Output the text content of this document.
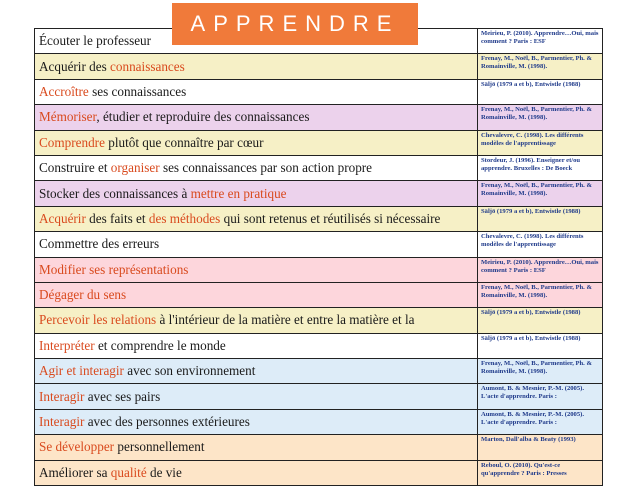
Écouter le professeur	Meirieu, P. (2010). Apprendre…Oui, mais comment ? Paris : ESF
Acquérir des connaissances	Frenay, M., Noël, B., Parmentier, Ph. & Romainville, M. (1998).
Accroître ses connaissances	Säljö (1979 a et b), Entwistle (1988)
Mémoriser, étudier et reproduire des connaissances	Frenay, M., Noël, B., Parmentier, Ph. & Romainville, M. (1998).
Comprendre plutôt que connaître par cœur	Chevalevre, C. (1998). Les différents modèles de l'apprentissage
Construire et organiser ses connaissances par son action propre	Stordeur, J. (1996). Enseigner et/ou apprendre. Bruxelles : De Boeck
Stocker des connaissances à mettre en pratique	Frenay, M., Noël, B., Parmentier, Ph. & Romainville, M. (1998).
Acquérir des faits et des méthodes qui sont retenus et réutilisés si nécessaire	Säljö (1979 a et b), Entwistle (1988)
Commettre des erreurs	Chevalevre, C. (1998). Les différents modèles de l'apprentissage
Modifier ses représentations	Meirieu, P. (2010). Apprendre…Oui, mais comment ? Paris : ESF
Dégager du sens	Frenay, M., Noël, B., Parmentier, Ph. & Romainville, M. (1998).
Percevoir les relations à l'intérieur de la matière et entre la matière et la	Säljö (1979 a et b), Entwistle (1988)
Interpréter et comprendre le monde	Säljö (1979 a et b), Entwistle (1988)
Agir et interagir avec son environnement	Frenay, M., Noël, B., Parmentier, Ph. & Romainville, M. (1998).
Interagir avec ses pairs	Aumont, B. & Mesnier, P.-M. (2005). L'acte d'apprendre. Paris :
Interagir avec des personnes extérieures	Aumont, B. & Mesnier, P.-M. (2005). L'acte d'apprendre. Paris :
Se développer personnellement	Marton, Dall'alba & Beaty (1993)
Améliorer sa qualité de vie	Reboul, O. (2010). Qu'est-ce qu'apprendre ? Paris : Presses
APPRENDRE
